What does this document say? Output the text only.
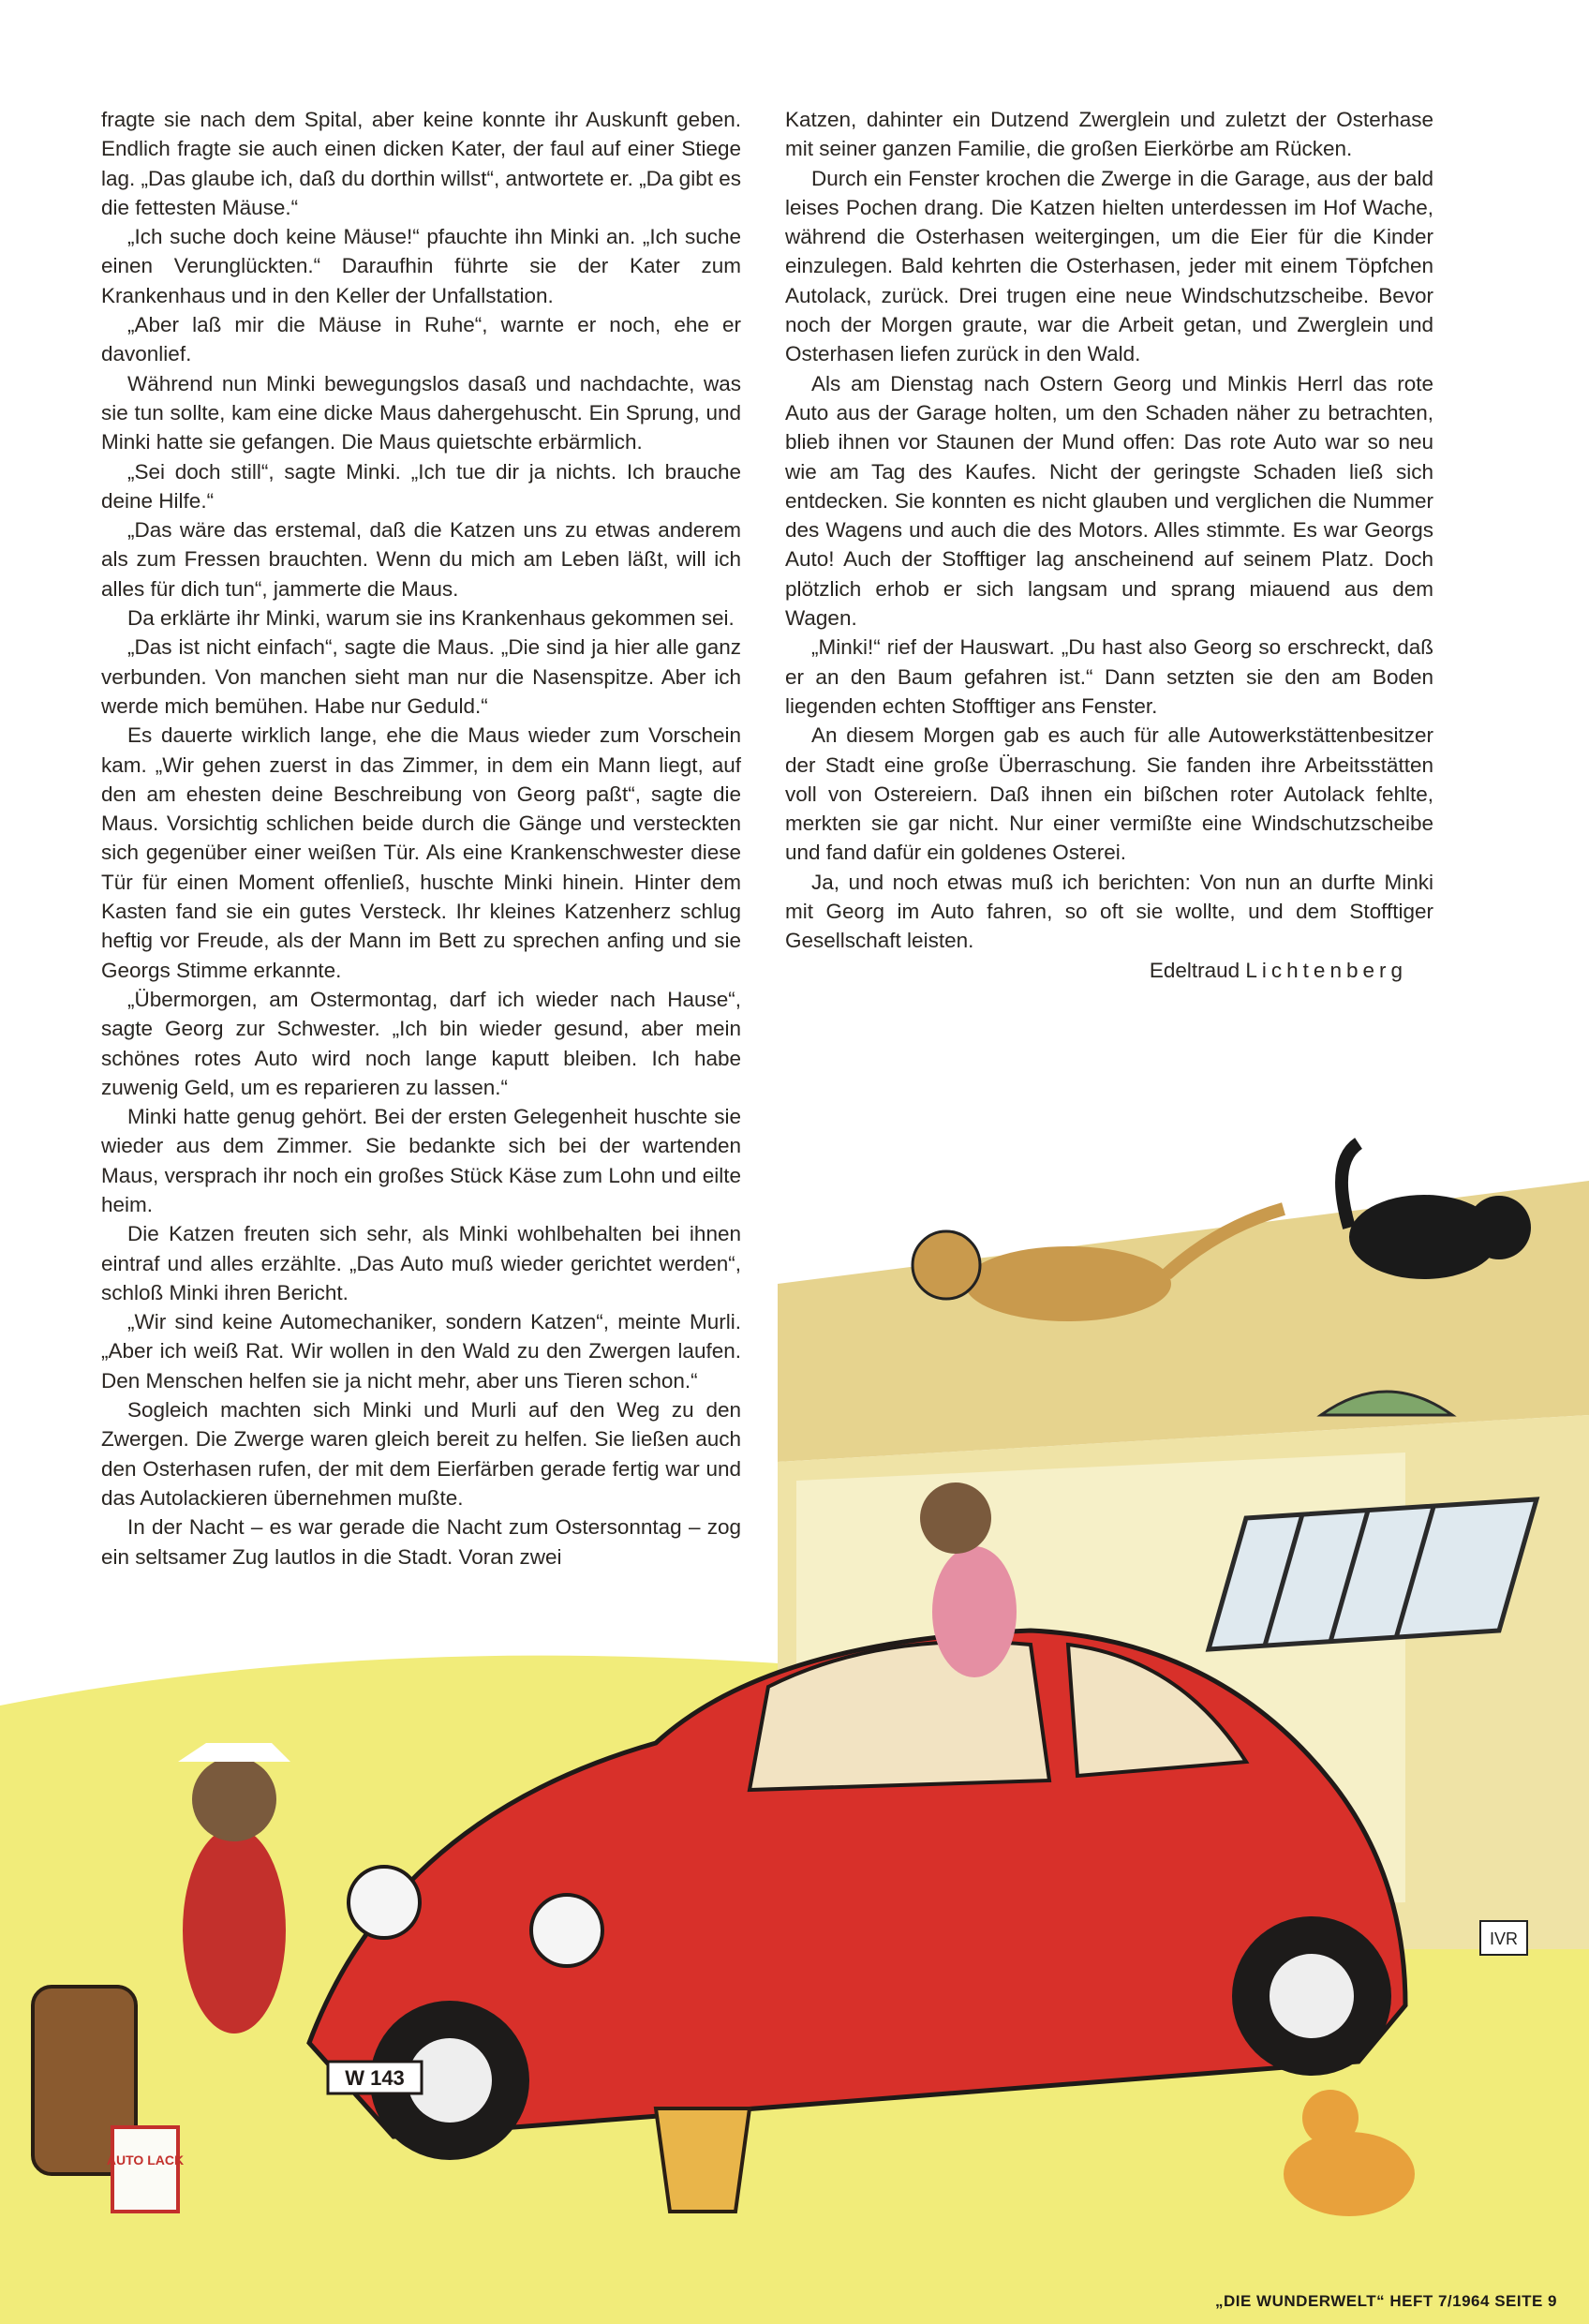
fragte sie nach dem Spital, aber keine konnte ihr Auskunft geben. Endlich fragte sie auch einen dicken Kater, der faul auf einer Stiege lag. „Das glaube ich, daß du dorthin willst“, antwortete er. „Da gibt es die fettesten Mäuse.“

„Ich suche doch keine Mäuse!“ pfauchte ihn Minki an. „Ich suche einen Verunglückten.“ Daraufhin führte sie der Kater zum Krankenhaus und in den Keller der Unfallstation.

„Aber laß mir die Mäuse in Ruhe“, warnte er noch, ehe er davonlief.

Während nun Minki bewegungslos dasaß und nachdachte, was sie tun sollte, kam eine dicke Maus dahergehuscht. Ein Sprung, und Minki hatte sie gefangen. Die Maus quietschte erbärmlich.

„Sei doch still“, sagte Minki. „Ich tue dir ja nichts. Ich brauche deine Hilfe.“

„Das wäre das erstemal, daß die Katzen uns zu etwas anderem als zum Fressen brauchten. Wenn du mich am Leben läßt, will ich alles für dich tun“, jammerte die Maus.

Da erklärte ihr Minki, warum sie ins Krankenhaus gekommen sei.

„Das ist nicht einfach“, sagte die Maus. „Die sind ja hier alle ganz verbunden. Von manchen sieht man nur die Nasenspitze. Aber ich werde mich bemühen. Habe nur Geduld.“

Es dauerte wirklich lange, ehe die Maus wieder zum Vorschein kam. „Wir gehen zuerst in das Zimmer, in dem ein Mann liegt, auf den am ehesten deine Beschreibung von Georg paßt“, sagte die Maus. Vorsichtig schlichen beide durch die Gänge und versteckten sich gegenüber einer weißen Tür. Als eine Krankenschwester diese Tür für einen Moment offenließ, huschte Minki hinein. Hinter dem Kasten fand sie ein gutes Versteck. Ihr kleines Katzenherz schlug heftig vor Freude, als der Mann im Bett zu sprechen anfing und sie Georgs Stimme erkannte.

„Übermorgen, am Ostermontag, darf ich wieder nach Hause“, sagte Georg zur Schwester. „Ich bin wieder gesund, aber mein schönes rotes Auto wird noch lange kaputt bleiben. Ich habe zuwenig Geld, um es reparieren zu lassen.“

Minki hatte genug gehört. Bei der ersten Gelegenheit huschte sie wieder aus dem Zimmer. Sie bedankte sich bei der wartenden Maus, versprach ihr noch ein großes Stück Käse zum Lohn und eilte heim.

Die Katzen freuten sich sehr, als Minki wohlbehalten bei ihnen eintraf und alles erzählte. „Das Auto muß wieder gerichtet werden“, schloß Minki ihren Bericht.

„Wir sind keine Automechaniker, sondern Katzen“, meinte Murli. „Aber ich weiß Rat. Wir wollen in den Wald zu den Zwergen laufen. Den Menschen helfen sie ja nicht mehr, aber uns Tieren schon.“

Sogleich machten sich Minki und Murli auf den Weg zu den Zwergen. Die Zwerge waren gleich bereit zu helfen. Sie ließen auch den Osterhasen rufen, der mit dem Eierfärben gerade fertig war und das Autolackieren übernehmen mußte.

In der Nacht – es war gerade die Nacht zum Ostersonntag – zog ein seltsamer Zug lautlos in die Stadt. Voran zwei

Katzen, dahinter ein Dutzend Zwerglein und zuletzt der Osterhase mit seiner ganzen Familie, die großen Eierkörbe am Rücken.

Durch ein Fenster krochen die Zwerge in die Garage, aus der bald leises Pochen drang. Die Katzen hielten unterdessen im Hof Wache, während die Osterhasen weitergingen, um die Eier für die Kinder einzulegen. Bald kehrten die Osterhasen, jeder mit einem Töpfchen Autolack, zurück. Drei trugen eine neue Windschutzscheibe. Bevor noch der Morgen graute, war die Arbeit getan, und Zwerglein und Osterhasen liefen zurück in den Wald.

Als am Dienstag nach Ostern Georg und Minkis Herrl das rote Auto aus der Garage holten, um den Schaden näher zu betrachten, blieb ihnen vor Staunen der Mund offen: Das rote Auto war so neu wie am Tag des Kaufes. Nicht der geringste Schaden ließ sich entdecken. Sie konnten es nicht glauben und verglichen die Nummer des Wagens und auch die des Motors. Alles stimmte. Es war Georgs Auto! Auch der Stofftiger lag anscheinend auf seinem Platz. Doch plötzlich erhob er sich langsam und sprang miauend aus dem Wagen.

„Minki!“ rief der Hauswart. „Du hast also Georg so erschreckt, daß er an den Baum gefahren ist.“ Dann setzten sie den am Boden liegenden echten Stofftiger ans Fenster.

An diesem Morgen gab es auch für alle Autowerkstättenbesitzer der Stadt eine große Überraschung. Sie fanden ihre Arbeitsstätten voll von Ostereiern. Daß ihnen ein bißchen roter Autolack fehlte, merkten sie gar nicht. Nur einer vermißte eine Windschutzscheibe und fand dafür ein goldenes Osterei.

Ja, und noch etwas muß ich berichten: Von nun an durfte Minki mit Georg im Auto fahren, so oft sie wollte, und dem Stofftiger Gesellschaft leisten.

Edeltraud Lichtenberg

W 143
AUTO LACK
IVR
„DIE WUNDERWELT“ HEFT 7/1964 SEITE 9
